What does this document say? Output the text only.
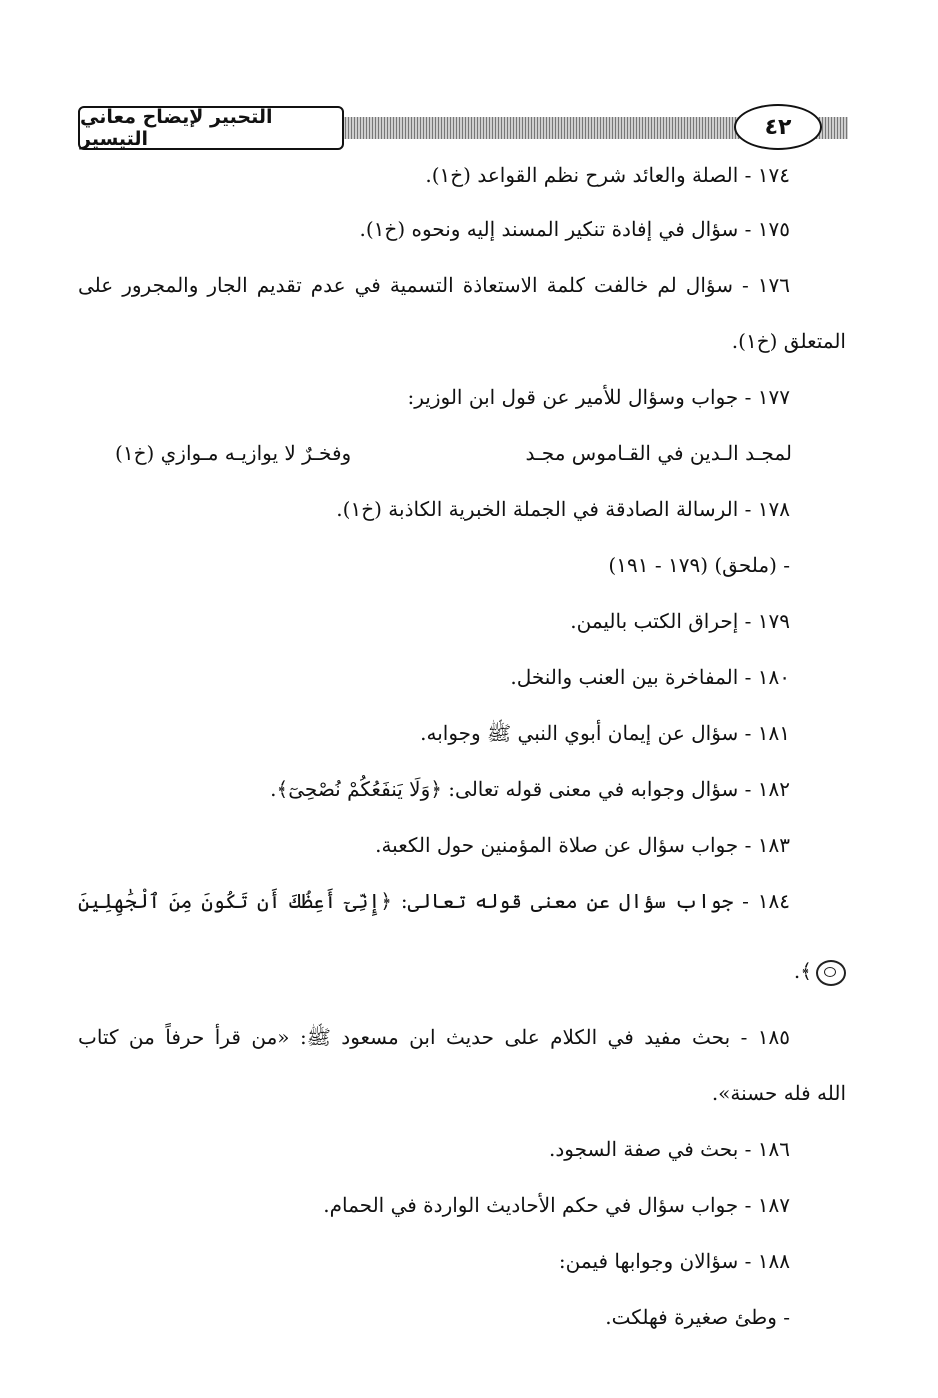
التحبير لإيضاح معاني التيسير	٤٢
١٧٤ - الصلة والعائد شرح نظم القواعد (خ١).
١٧٥ - سؤال في إفادة تنكير المسند إليه ونحوه (خ١).
١٧٦ - سؤال لم خالفت كلمة الاستعاذة التسمية في عدم تقديم الجار والمجرور على
المتعلق (خ١).
١٧٧ - جواب وسؤال للأمير عن قول ابن الوزير:
لمجـد الـدين في القـاموس مجـد
وفخـرٌ لا يوازيـه مـوازي (خ١)
١٧٨ - الرسالة الصادقة في الجملة الخبرية الكاذبة (خ١).
- (ملحق) (١٧٩ - ١٩١)
١٧٩ - إحراق الكتب باليمن.
١٨٠ - المفاخرة بين العنب والنخل.
١٨١ - سؤال عن إيمان أبوي النبي ﷺ وجوابه.
١٨٢ - سؤال وجوابه في معنى قوله تعالى: ﴿وَلَا يَنفَعُكُمْ نُصْحِىٓ﴾.
١٨٣ - جواب سؤال عن صلاة المؤمنين حول الكعبة.
١٨٤ - جواب سؤال عن معنى قوله تعالى: ﴿إِنِّىٓ أَعِظُكَ أَن تَكُونَ مِنَ ٱلْجَٰهِلِينَ
﴾.
١٨٥ - بحث مفيد في الكلام على حديث ابن مسعود ﷺ: «من قرأ حرفاً من كتاب
الله فله حسنة».
١٨٦ - بحث في صفة السجود.
١٨٧ - جواب سؤال في حكم الأحاديث الواردة في الحمام.
١٨٨ - سؤالان وجوابها فيمن:
- وطئ صغيرة فهلكت.
